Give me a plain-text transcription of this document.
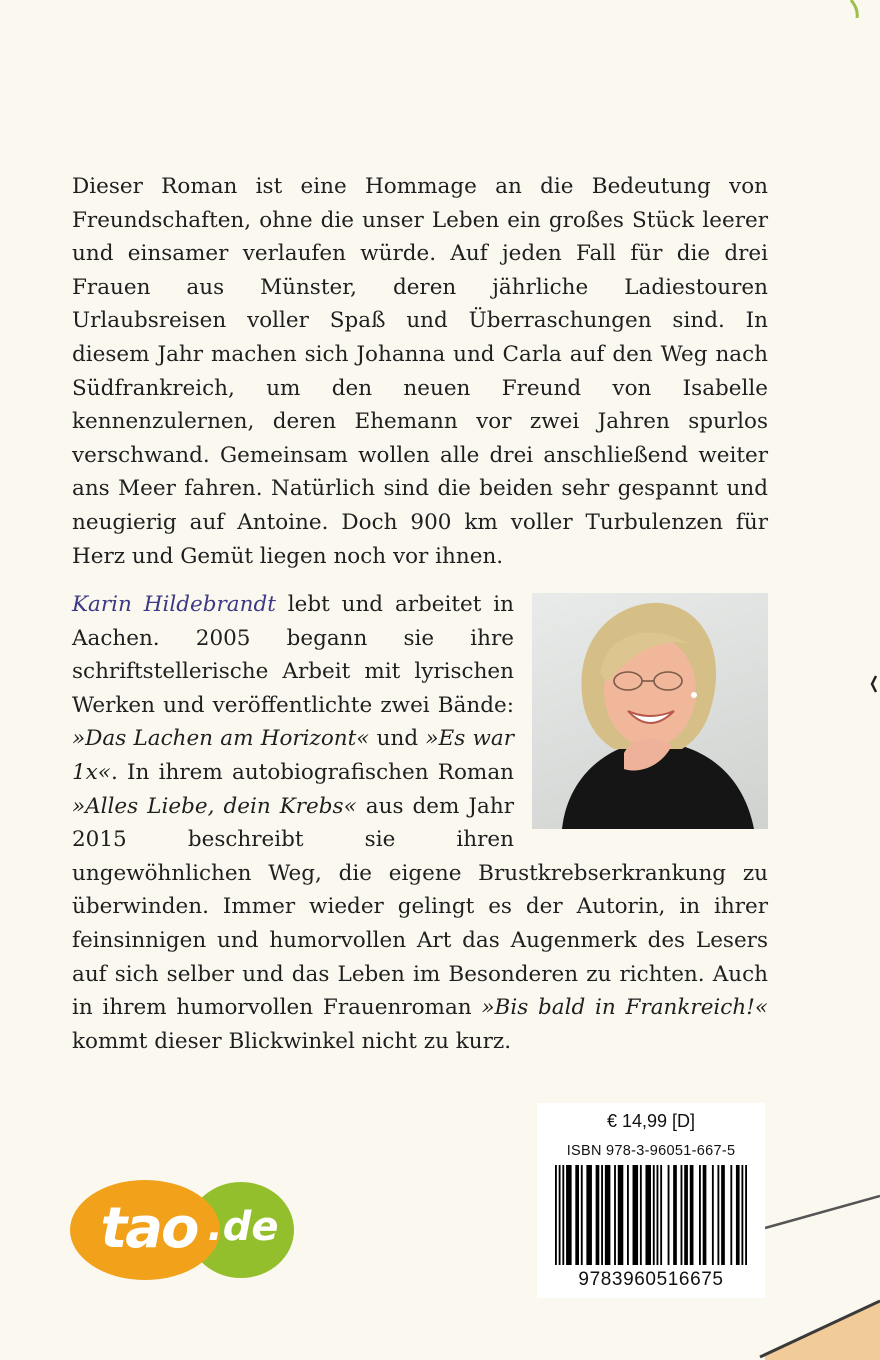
Dieser Roman ist eine Hommage an die Bedeutung von Freundschaften, ohne die unser Leben ein großes Stück leerer und einsamer verlaufen würde. Auf jeden Fall für die drei Frauen aus Münster, deren jährliche Ladiestouren Urlaubsreisen voller Spaß und Überraschungen sind. In diesem Jahr machen sich Johanna und Carla auf den Weg nach Südfrankreich, um den neuen Freund von Isabelle kennenzulernen, deren Ehemann vor zwei Jahren spurlos verschwand. Gemeinsam wollen alle drei anschließend weiter ans Meer fahren. Natürlich sind die beiden sehr gespannt und neugierig auf Antoine. Doch 900 km voller Turbulenzen für Herz und Gemüt liegen noch vor ihnen.

Karin Hildebrandt lebt und arbeitet in Aachen. 2005 begann sie ihre schriftstellerische Arbeit mit lyrischen Werken und veröffentlichte zwei Bände: »Das Lachen am Horizont« und »Es war 1x«. In ihrem autobiografischen Roman »Alles Liebe, dein Krebs« aus dem Jahr 2015 beschreibt sie ihren ungewöhnlichen Weg, die eigene Brustkrebserkrankung zu überwinden. Immer wieder gelingt es der Autorin, in ihrer feinsinnigen und humorvollen Art das Augenmerk des Lesers auf sich selber und das Leben im Besonderen zu richten. Auch in ihrem humorvollen Frauenroman »Bis bald in Frankreich!« kommt dieser Blickwinkel nicht zu kurz.

tao .de
€ 14,99 [D]
ISBN 978-3-96051-667-5
9783960516675
